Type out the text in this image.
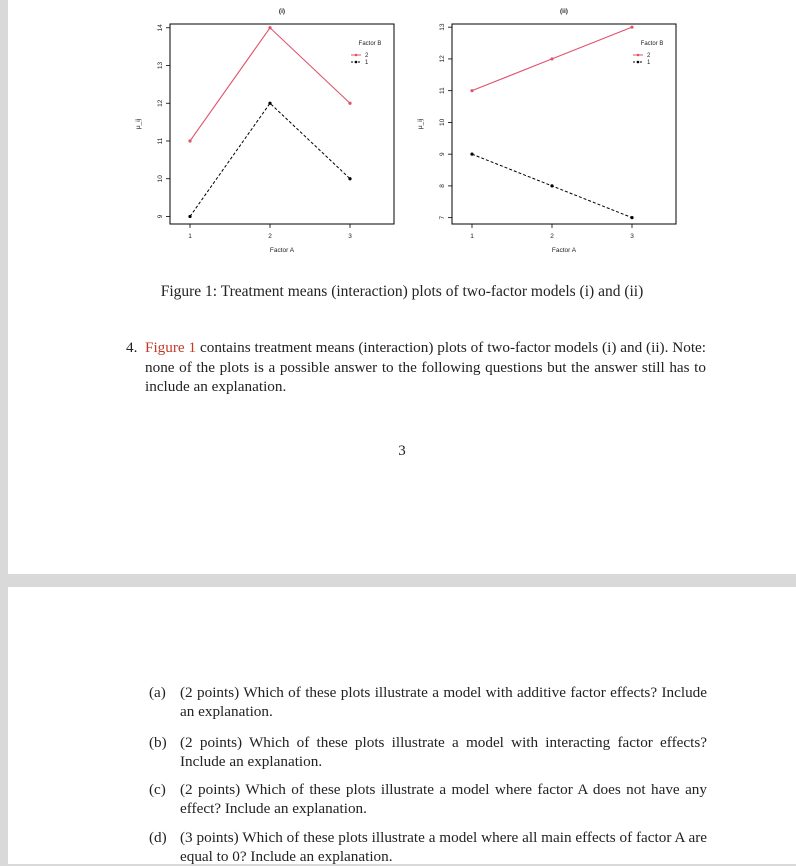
(i)
1	2	3
9
10
11
12
13
14
Factor A
μ_ij
Factor B
2
1
(ii)
1	2	3
7
8
9
10
11
12
13
Factor A
μ_ij
Factor B
2
1
Figure 1: Treatment means (interaction) plots of two-factor models (i) and (ii)
4. Figure 1 contains treatment means (interaction) plots of two-factor models (i) and (ii). Note: none of the plots is a possible answer to the following questions but the answer still has to include an explanation.
3
(a) (2 points) Which of these plots illustrate a model with additive factor effects? Include an explanation.
(b) (2 points) Which of these plots illustrate a model with interacting factor effects? Include an explanation.
(c) (2 points) Which of these plots illustrate a model where factor A does not have any effect? Include an explanation.
(d) (3 points) Which of these plots illustrate a model where all main effects of factor A are equal to 0? Include an explanation.
